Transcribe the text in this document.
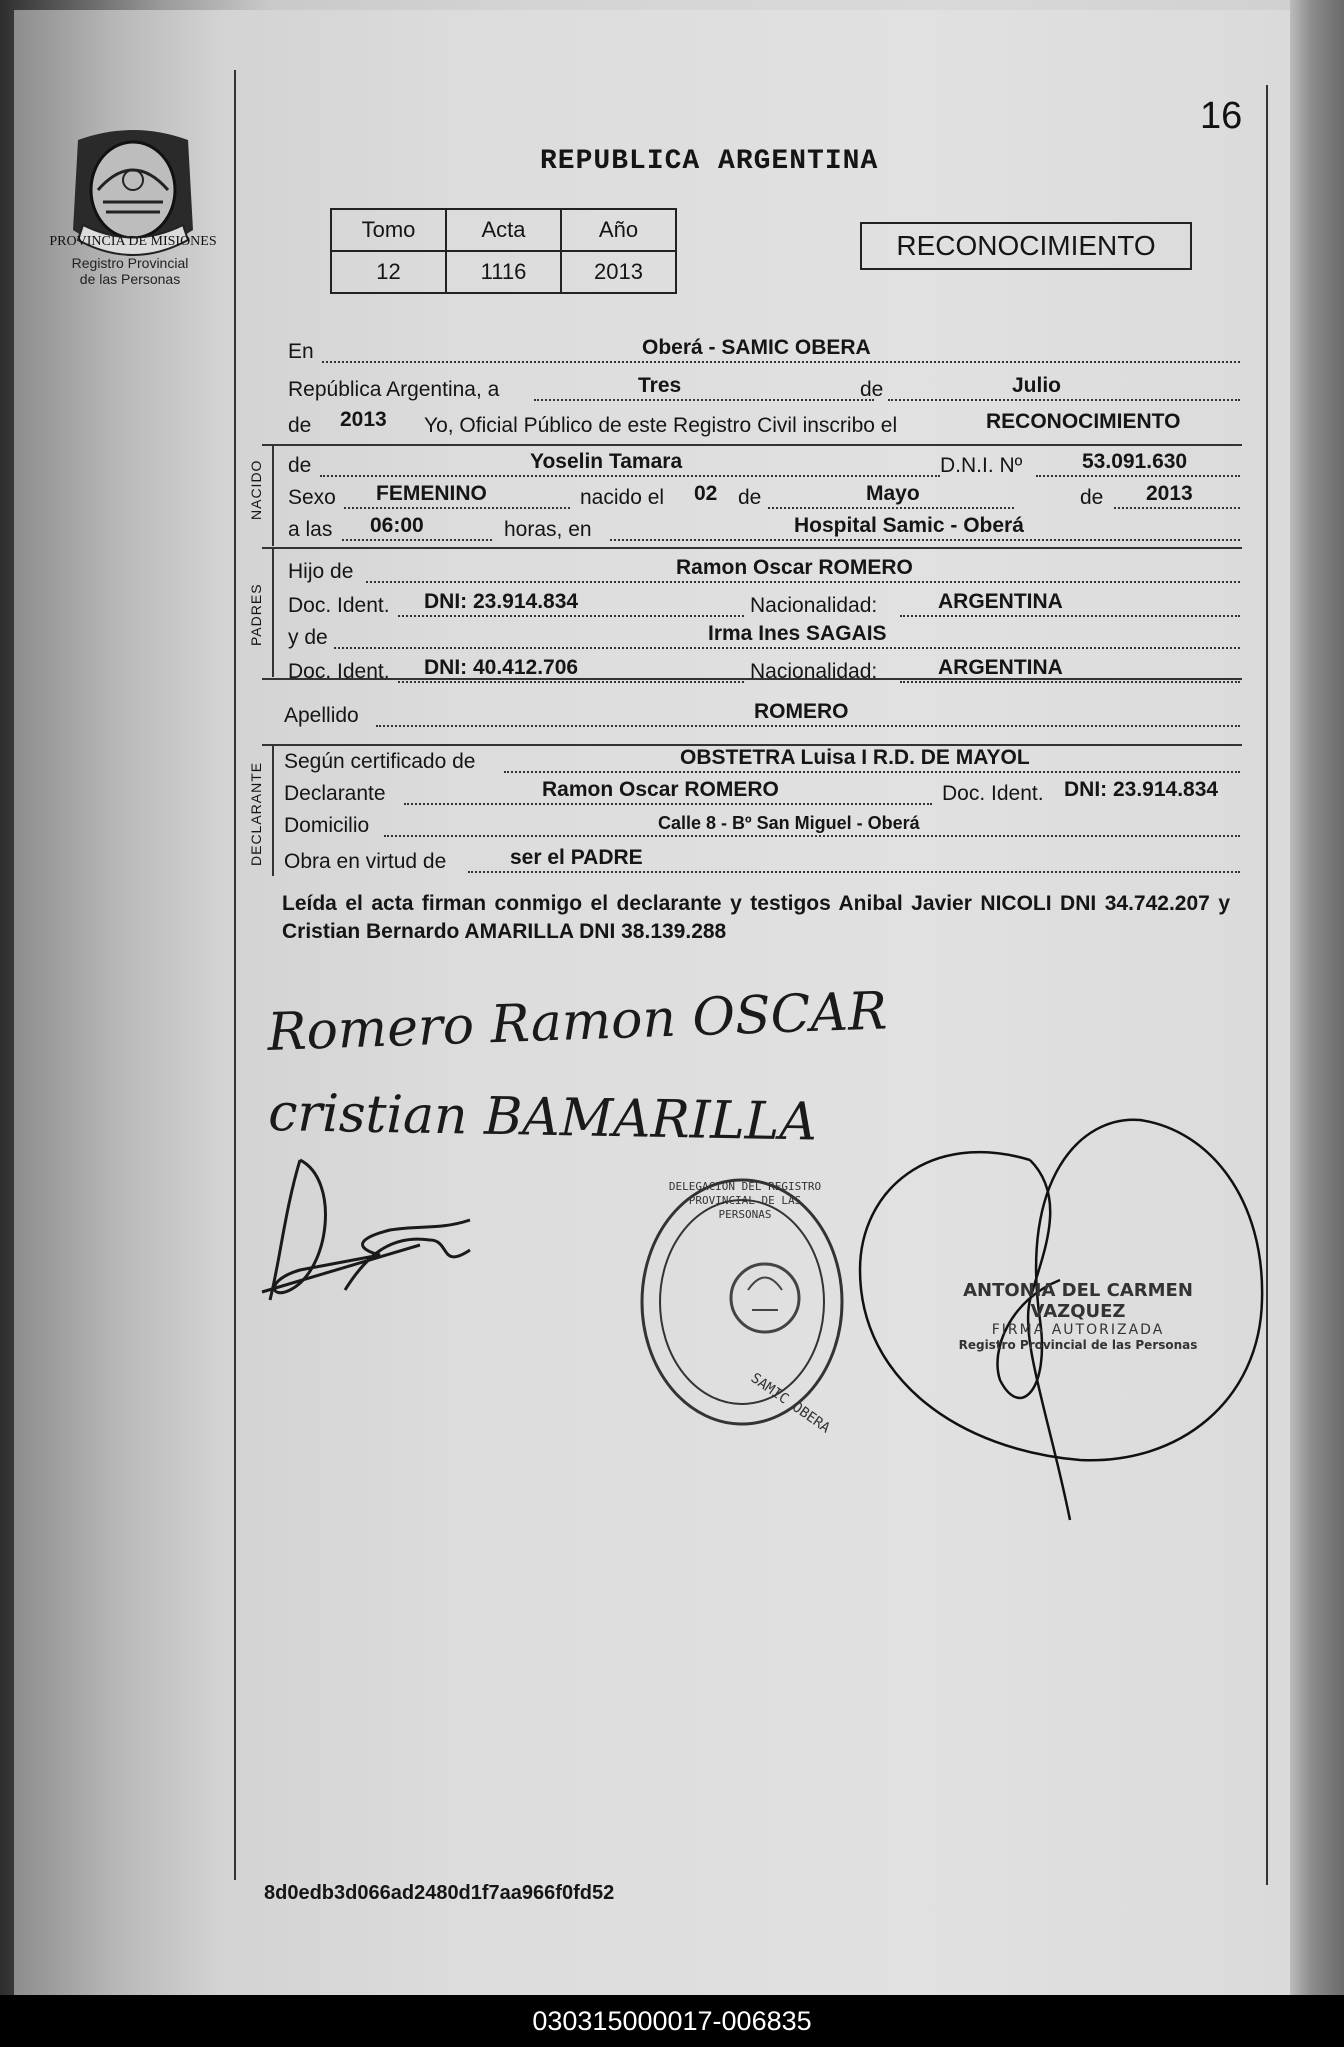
PROVINCIA DE MISIONES
Registro Provincial
de las Personas
16
REPUBLICA ARGENTINA
Tomo	Acta	Año
12	1116	2013
RECONOCIMIENTO
NACIDO
PADRES
DECLARANTE
En	Oberá - SAMIC OBERA
República Argentina, a	Tres	de	Julio
de 2013 Yo, Oficial Público de este Registro Civil inscribo el	RECONOCIMIENTO
de	Yoselin Tamara	D.N.I. Nº	53.091.630
Sexo FEMENINO	nacido el 02 de	Mayo	de 2013
a las 06:00	horas, en	Hospital Samic - Oberá
Hijo de	Ramon Oscar ROMERO
Doc. Ident. DNI: 23.914.834	Nacionalidad:	ARGENTINA
y de	Irma Ines SAGAIS
Doc. Ident. DNI: 40.412.706	Nacionalidad:	ARGENTINA
Apellido	ROMERO
Según certificado de	OBSTETRA Luisa I R.D. DE MAYOL
Declarante	Ramon Oscar ROMERO	Doc. Ident. DNI: 23.914.834
Domicilio	Calle 8 - Bº San Miguel - Oberá
Obra en virtud de	ser el PADRE
Leída el acta firman conmigo el declarante y testigos Anibal Javier NICOLI DNI 34.742.207 y Cristian Bernardo AMARILLA DNI 38.139.288
Romero Ramon OSCAR
cristian BAMARILLA
SAMIC OBERA
ANTONIA DEL CARMEN VAZQUEZ
FIRMA AUTORIZADA
Registro Provincial de las Personas
DELEGACION DEL REGISTRO PROVINCIAL DE LAS PERSONAS
8d0edb3d066ad2480d1f7aa966f0fd52
030315000017-006835
